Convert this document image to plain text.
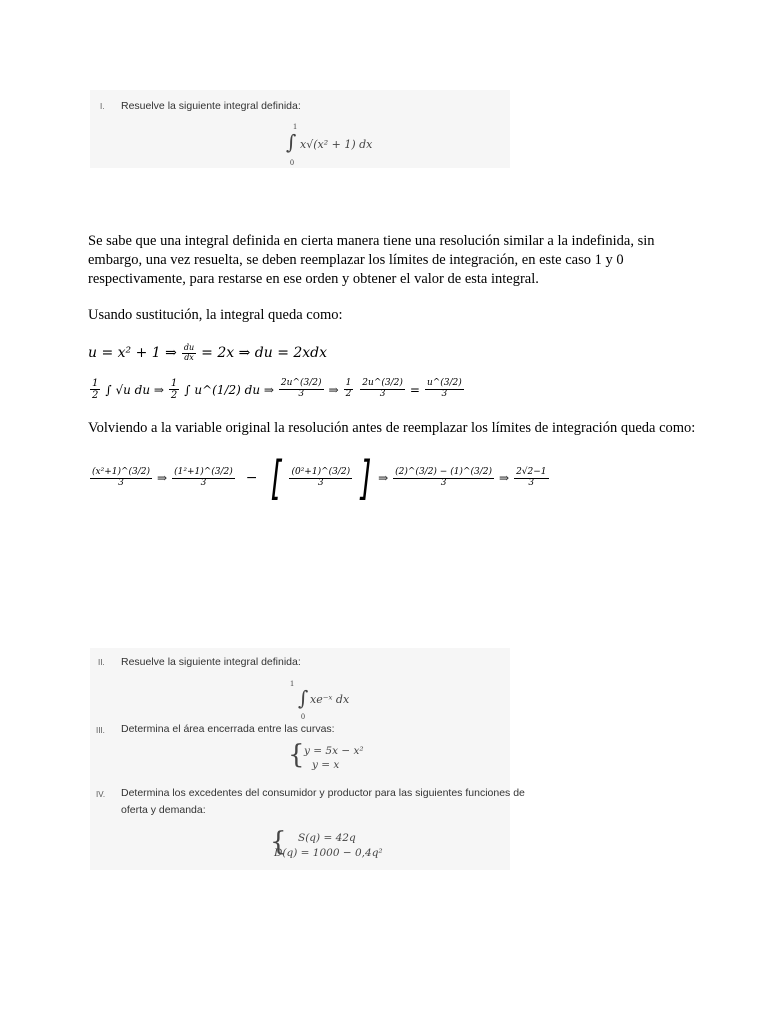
I. Resuelve la siguiente integral definida:
∫
1
0
x√(x² + 1) dx
Se sabe que una integral definida en cierta manera tiene una resolución similar a la indefinida, sin embargo, una vez resuelta, se deben reemplazar los límites de integración, en este caso 1 y 0 respectivamente, para restarse en ese orden y obtener el valor de esta integral.
Usando sustitución, la integral queda como:
u = x² + 1 ⇒ $\frac{du}{dx} = 2x$ ⇒ du = 2xdx
$\frac{1}{2}$ ∫ √u du ⇒ $\frac{1}{2}$ ∫ u^(1/2) du ⇒ $\frac{2u\^{}(3/2)}{3}$ ⇒ $\frac{1}{2} \frac{2u\^{}(3/2)}{3} = \frac{u\^{}(3/2)}{3}$
Volviendo a la variable original la resolución antes de reemplazar los límites de integración queda como:
$\frac{\text{(x²+1)\textasciicircum{}(3/2)}}{3}$ ⇒ $\frac{\text{(1²+1)\textasciicircum{}(3/2)}}{3}$ − [ $\frac{\text{(0²+1)\textasciicircum{}(3/2)}}{3}$ ] ⇒ $\frac{(2)\^{}(3/2) - (1)\^{}(3/2)}{3}$ ⇒ $\frac{2√2-1}{3}$
II. Resuelve la siguiente integral definida:
∫
1
0
xe⁻ˣ dx
III. Determina el área encerrada entre las curvas:
{ y = 5x − x²
y = x
IV. Determina los excedentes del consumidor y productor para las siguientes funciones de
oferta y demanda:
{ S(q) = 42q
D(q) = 1000 − 0,4q²
